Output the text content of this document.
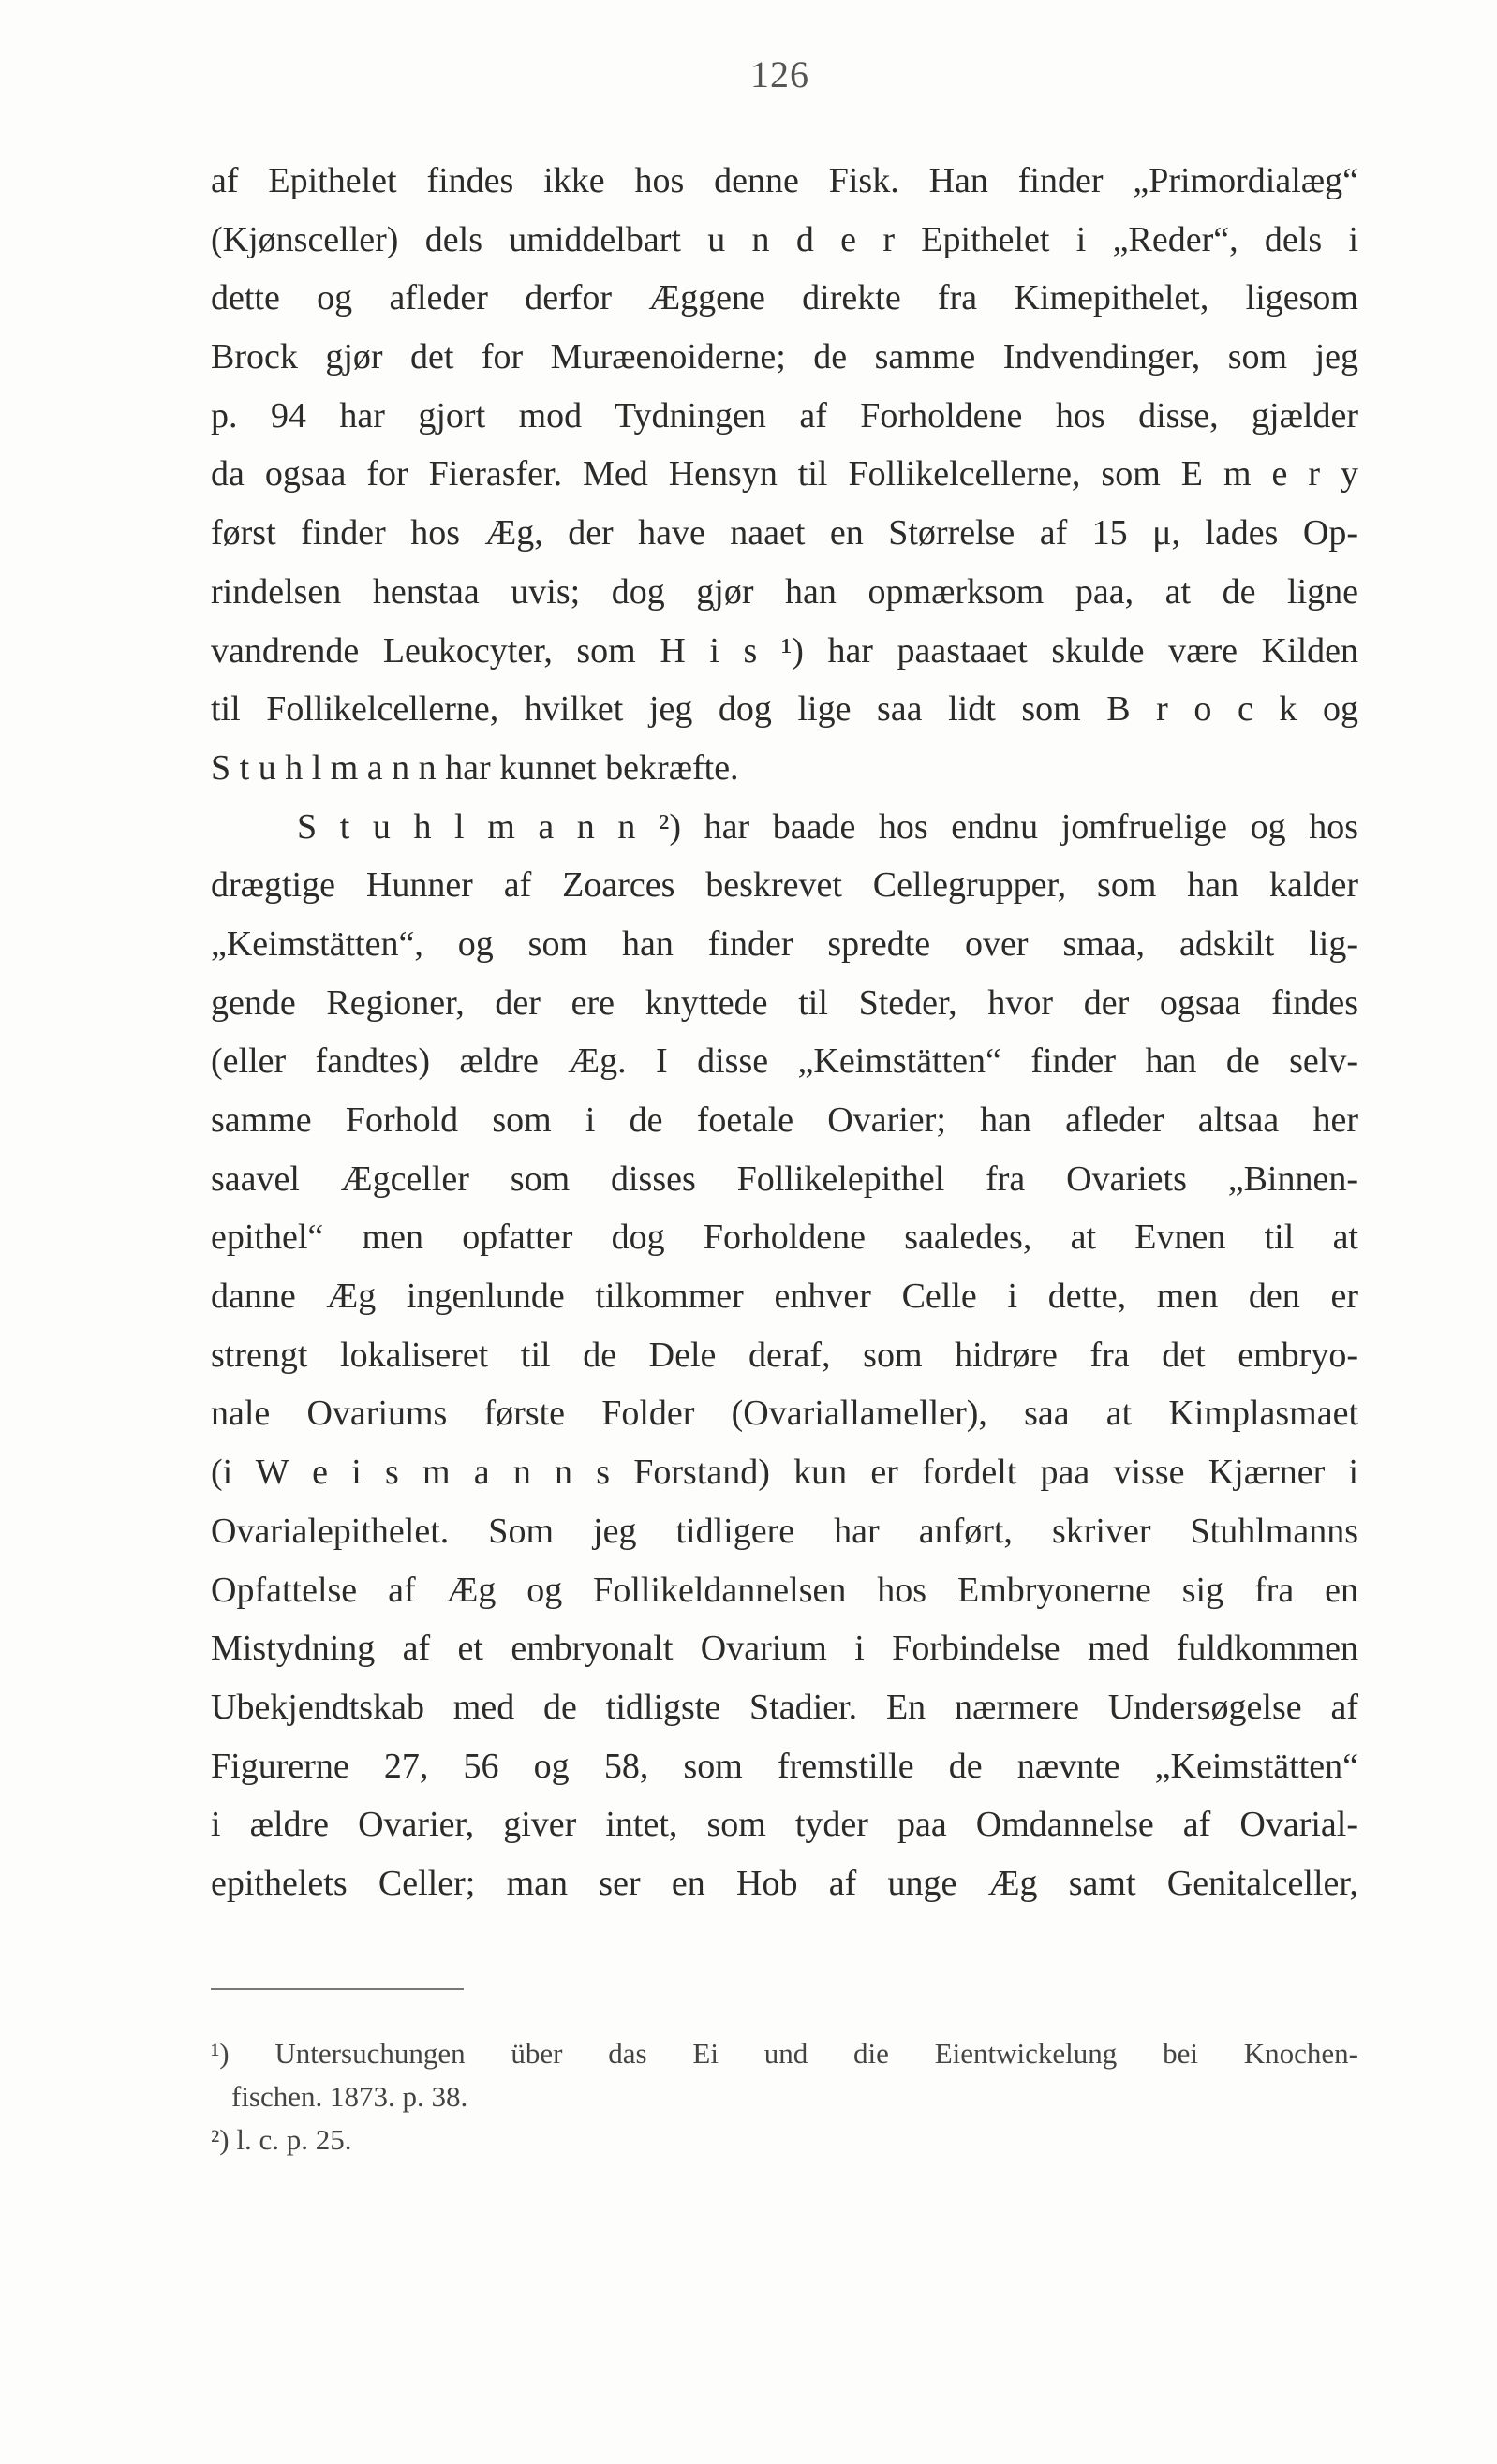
126
af Epithelet findes ikke hos denne Fisk. Han finder „Primordialæg“
(Kjønsceller) dels umiddelbart u n d e r Epithelet i „Reder“, dels i
dette og afleder derfor Æggene direkte fra Kimepithelet, ligesom
Brock gjør det for Muræenoiderne; de samme Indvendinger, som jeg
p. 94 har gjort mod Tydningen af Forholdene hos disse, gjælder
da ogsaa for Fierasfer. Med Hensyn til Follikelcellerne, som E m e r y
først finder hos Æg, der have naaet en Størrelse af 15 μ, lades Op-
rindelsen henstaa uvis; dog gjør han opmærksom paa, at de ligne
vandrende Leukocyter, som H i s ¹) har paastaaet skulde være Kilden
til Follikelcellerne, hvilket jeg dog lige saa lidt som B r o c k og
S t u h l m a n n har kunnet bekræfte.
S t u h l m a n n ²) har baade hos endnu jomfruelige og hos
drægtige Hunner af Zoarces beskrevet Cellegrupper, som han kalder
„Keimstätten“, og som han finder spredte over smaa, adskilt lig-
gende Regioner, der ere knyttede til Steder, hvor der ogsaa findes
(eller fandtes) ældre Æg. I disse „Keimstätten“ finder han de selv-
samme Forhold som i de foetale Ovarier; han afleder altsaa her
saavel Ægceller som disses Follikelepithel fra Ovariets „Binnen-
epithel“ men opfatter dog Forholdene saaledes, at Evnen til at
danne Æg ingenlunde tilkommer enhver Celle i dette, men den er
strengt lokaliseret til de Dele deraf, som hidrøre fra det embryo-
nale Ovariums første Folder (Ovariallameller), saa at Kimplasmaet
(i W e i s m a n n s Forstand) kun er fordelt paa visse Kjærner i
Ovarialepithelet. Som jeg tidligere har anført, skriver Stuhlmanns
Opfattelse af Æg og Follikeldannelsen hos Embryonerne sig fra en
Mistydning af et embryonalt Ovarium i Forbindelse med fuldkommen
Ubekjendtskab med de tidligste Stadier. En nærmere Undersøgelse af
Figurerne 27, 56 og 58, som fremstille de nævnte „Keimstätten“
i ældre Ovarier, giver intet, som tyder paa Omdannelse af Ovarial-
epithelets Celler; man ser en Hob af unge Æg samt Genitalceller,
¹) Untersuchungen über das Ei und die Eientwickelung bei Knochen-
fischen. 1873. p. 38.
²) l. c. p. 25.
